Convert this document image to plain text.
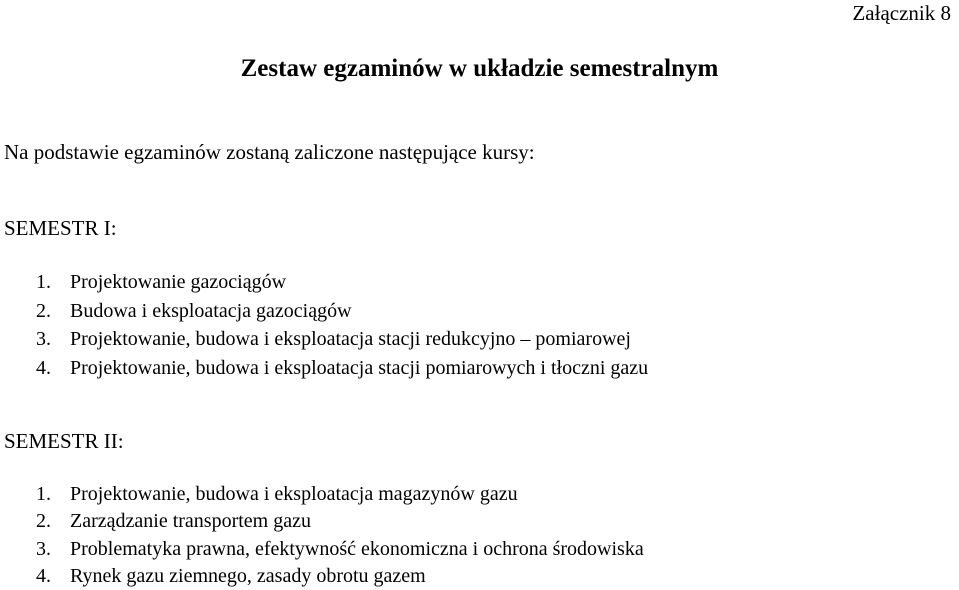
Załącznik 8
Zestaw egzaminów w układzie semestralnym
Na podstawie egzaminów zostaną zaliczone następujące kursy:
SEMESTR I:
1. Projektowanie gazociągów
2. Budowa i eksploatacja gazociągów
3. Projektowanie, budowa i eksploatacja stacji redukcyjno – pomiarowej
4. Projektowanie, budowa i eksploatacja stacji pomiarowych i tłoczni gazu
SEMESTR II:
1. Projektowanie, budowa i eksploatacja magazynów gazu
2. Zarządzanie transportem gazu
3. Problematyka prawna, efektywność ekonomiczna i ochrona środowiska
4. Rynek gazu ziemnego, zasady obrotu gazem
